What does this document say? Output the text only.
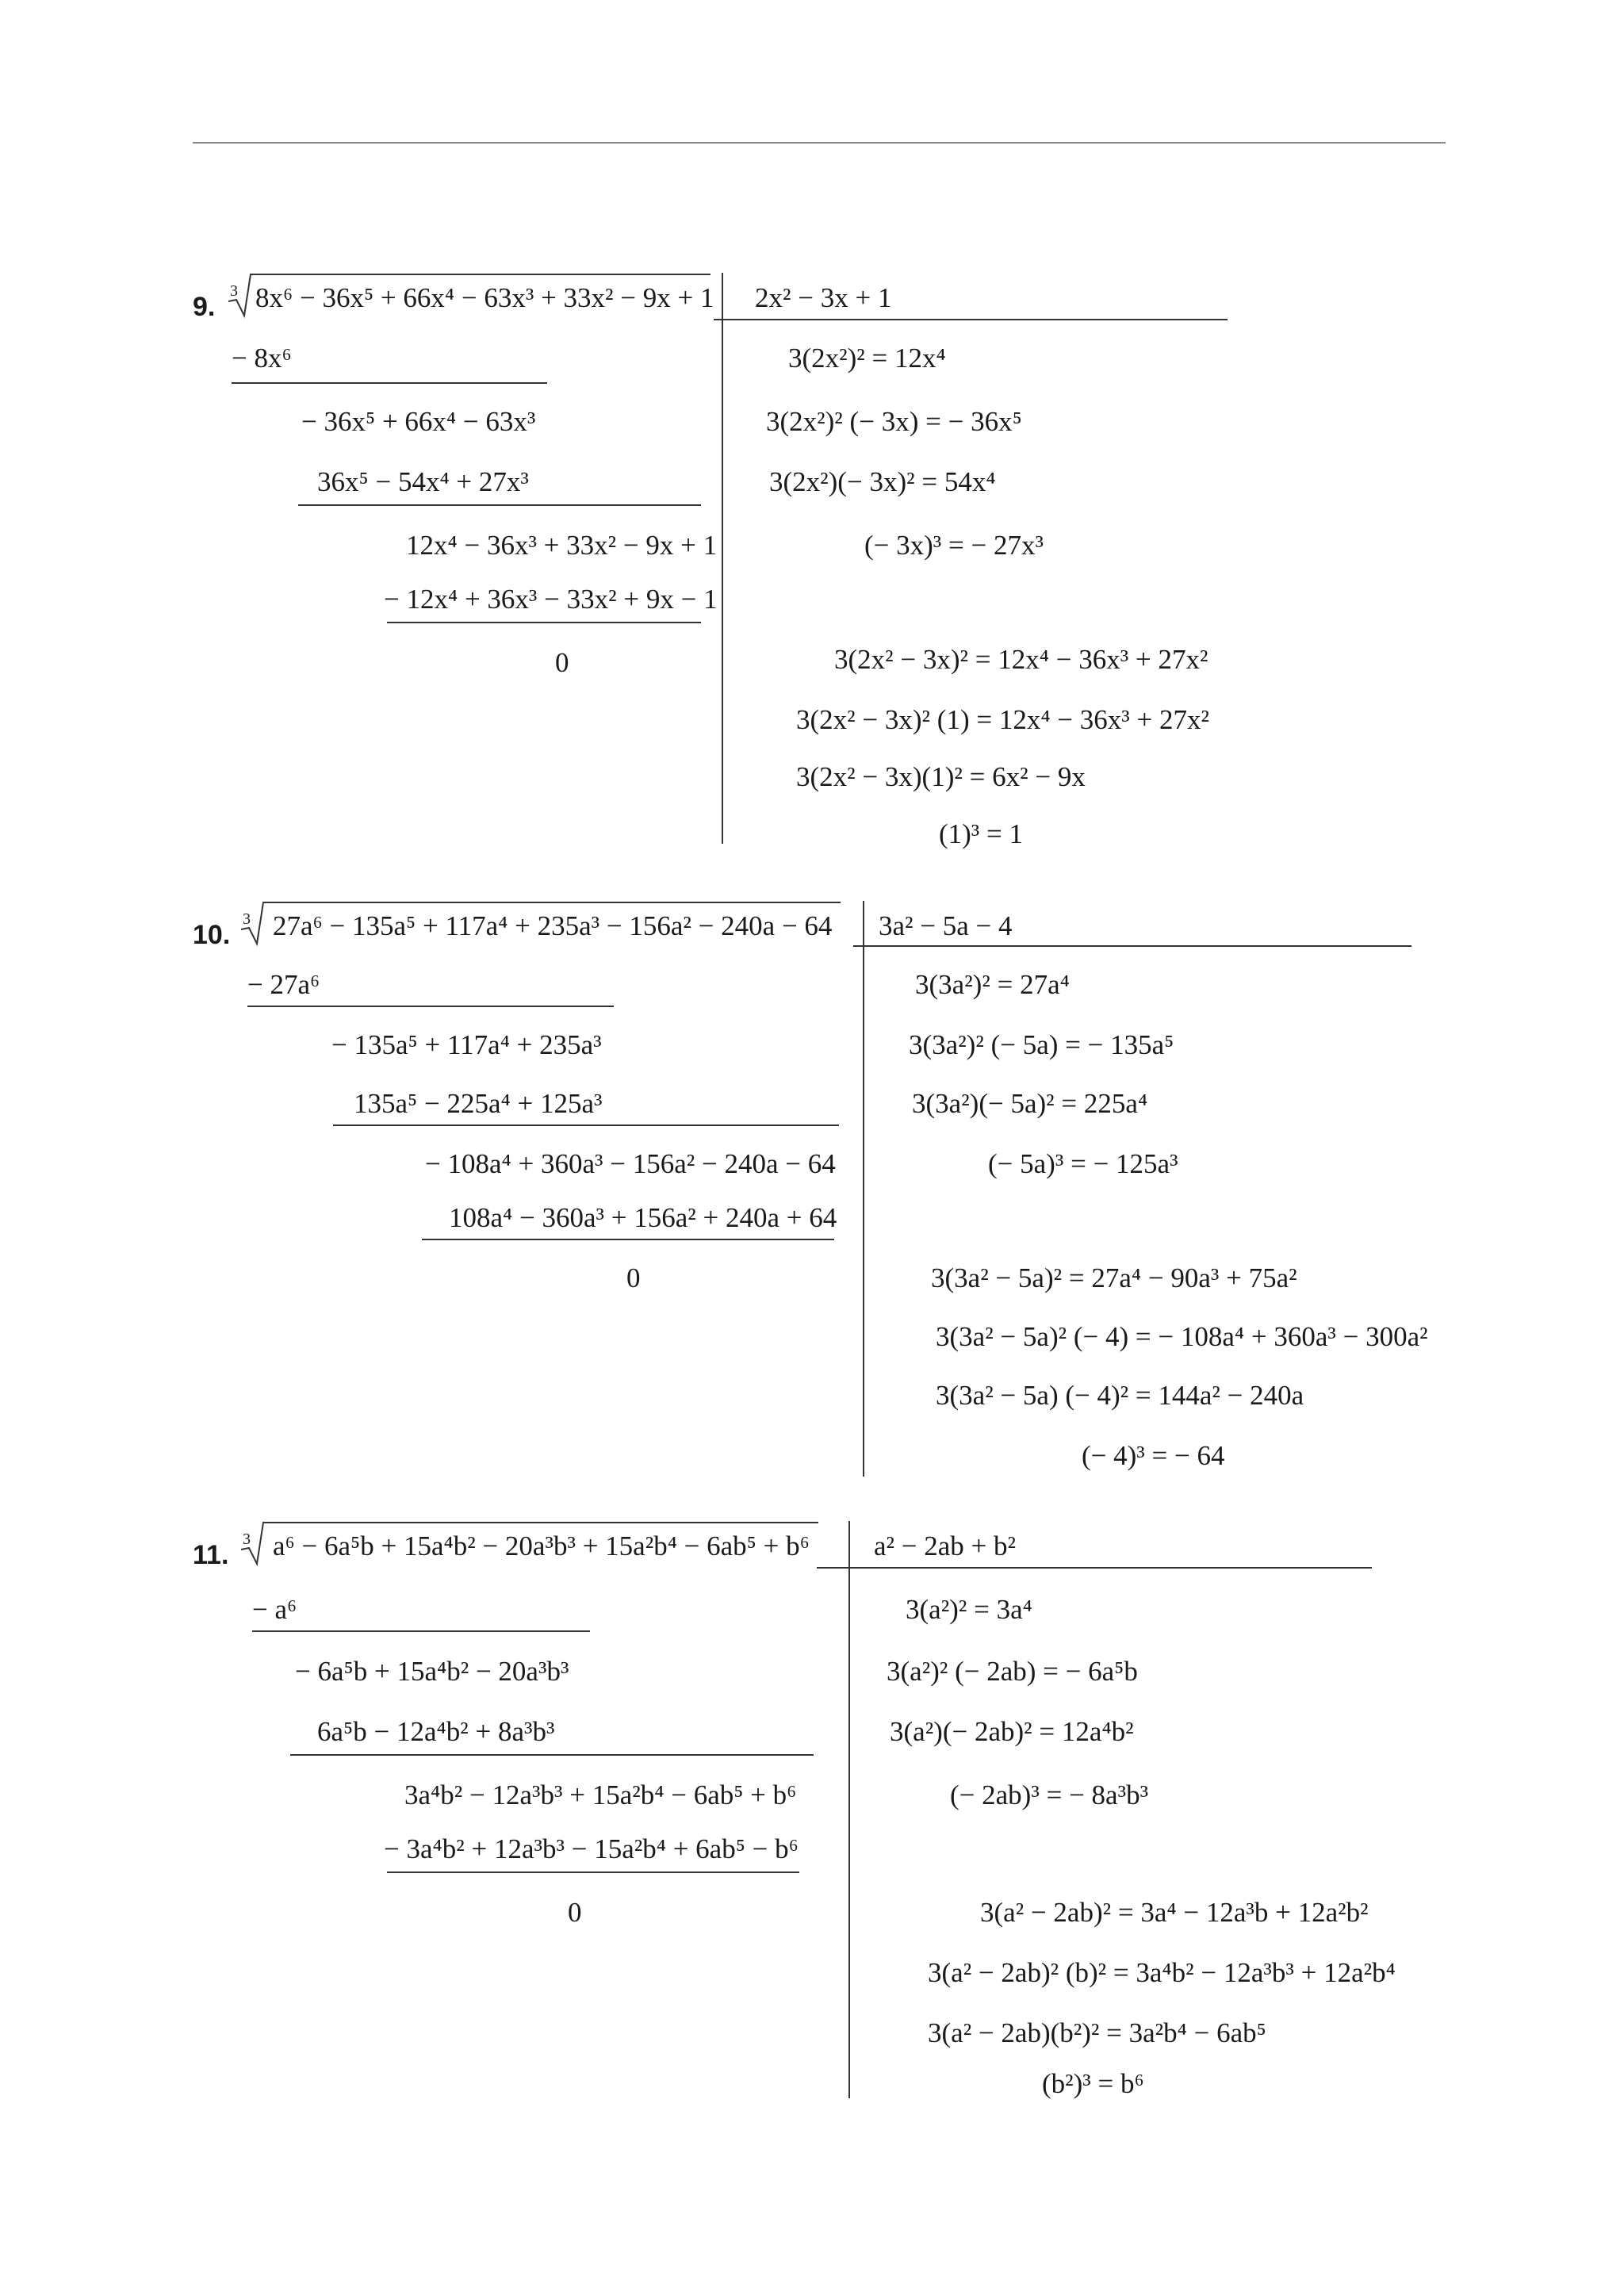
9.
3 8x⁶ − 36x⁵ + 66x⁴ − 63x³ + 33x² − 9x + 1 2x² − 3x + 1
− 8x⁶
− 36x⁵ + 66x⁴ − 63x³
36x⁵ − 54x⁴ + 27x³
12x⁴ − 36x³ + 33x² − 9x + 1
− 12x⁴ + 36x³ − 33x² + 9x − 1
0
3(2x²)² = 12x⁴
3(2x²)² (− 3x) = − 36x⁵
3(2x²)(− 3x)² = 54x⁴
(− 3x)³ = − 27x³
3(2x² − 3x)² = 12x⁴ − 36x³ + 27x²
3(2x² − 3x)² (1) = 12x⁴ − 36x³ + 27x²
3(2x² − 3x)(1)² = 6x² − 9x
(1)³ = 1
10.
3 27a⁶ − 135a⁵ + 117a⁴ + 235a³ − 156a² − 240a − 64 3a² − 5a − 4
− 27a⁶
− 135a⁵ + 117a⁴ + 235a³
135a⁵ − 225a⁴ + 125a³
− 108a⁴ + 360a³ − 156a² − 240a − 64
108a⁴ − 360a³ + 156a² + 240a + 64
0
3(3a²)² = 27a⁴
3(3a²)² (− 5a) = − 135a⁵
3(3a²)(− 5a)² = 225a⁴
(− 5a)³ = − 125a³
3(3a² − 5a)² = 27a⁴ − 90a³ + 75a²
3(3a² − 5a)² (− 4) = − 108a⁴ + 360a³ − 300a²
3(3a² − 5a) (− 4)² = 144a² − 240a
(− 4)³ = − 64
11.
3 a⁶ − 6a⁵b + 15a⁴b² − 20a³b³ + 15a²b⁴ − 6ab⁵ + b⁶ a² − 2ab + b²
− a⁶
− 6a⁵b + 15a⁴b² − 20a³b³
6a⁵b − 12a⁴b² + 8a³b³
3a⁴b² − 12a³b³ + 15a²b⁴ − 6ab⁵ + b⁶
− 3a⁴b² + 12a³b³ − 15a²b⁴ + 6ab⁵ − b⁶
0
3(a²)² = 3a⁴
3(a²)² (− 2ab) = − 6a⁵b
3(a²)(− 2ab)² = 12a⁴b²
(− 2ab)³ = − 8a³b³
3(a² − 2ab)² = 3a⁴ − 12a³b + 12a²b²
3(a² − 2ab)² (b)² = 3a⁴b² − 12a³b³ + 12a²b⁴
3(a² − 2ab)(b²)² = 3a²b⁴ − 6ab⁵
(b²)³ = b⁶
